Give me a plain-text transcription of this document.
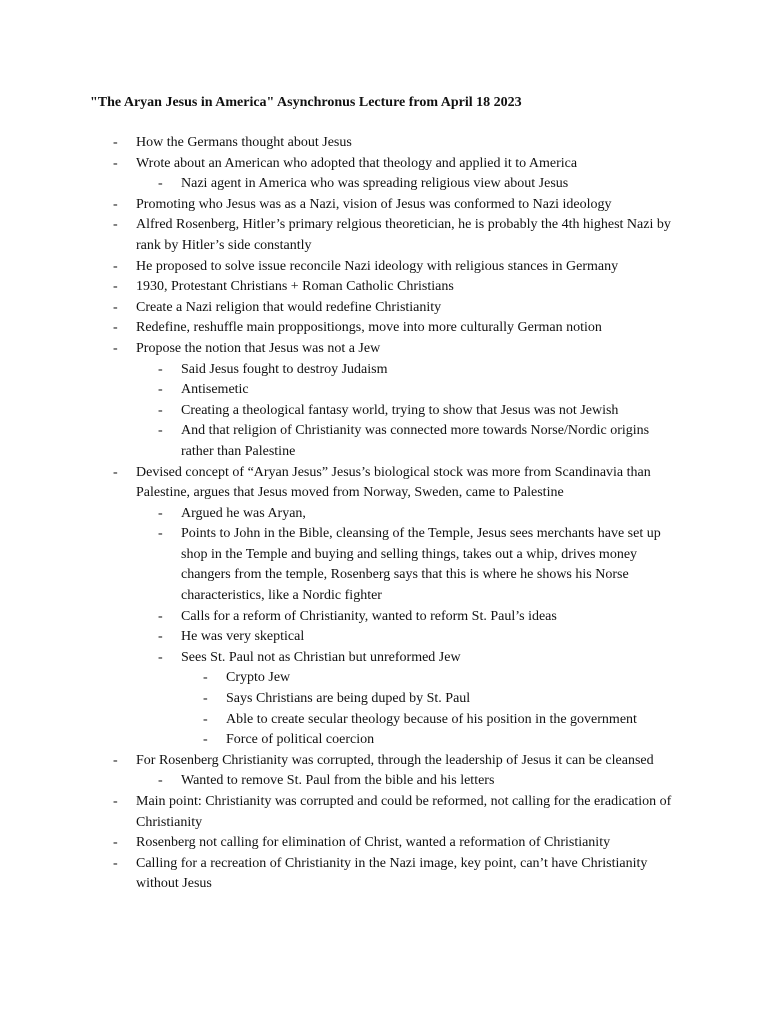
"The Aryan Jesus in America" Asynchronus Lecture from April 18 2023
- How the Germans thought about Jesus
- Wrote about an American who adopted that theology and applied it to America
- Nazi agent in America who was spreading religious view about Jesus
- Promoting who Jesus was as a Nazi, vision of Jesus was conformed to Nazi ideology
- Alfred Rosenberg, Hitler’s primary relgious theoretician, he is probably the 4th highest Nazi by rank by Hitler’s side constantly
- He proposed to solve issue reconcile Nazi ideology with religious stances in Germany
- 1930, Protestant Christians + Roman Catholic Christians
- Create a Nazi religion that would redefine Christianity
- Redefine, reshuffle main proppositiongs, move into more culturally German notion
- Propose the notion that Jesus was not a Jew
- Said Jesus fought to destroy Judaism
- Antisemetic
- Creating a theological fantasy world, trying to show that Jesus was not Jewish
- And that religion of Christianity was connected more towards Norse/Nordic origins rather than Palestine
- Devised concept of “Aryan Jesus” Jesus’s biological stock was more from Scandinavia than Palestine, argues that Jesus moved from Norway, Sweden, came to Palestine
- Argued he was Aryan,
- Points to John in the Bible, cleansing of the Temple, Jesus sees merchants have set up shop in the Temple and buying and selling things, takes out a whip, drives money changers from the temple, Rosenberg says that this is where he shows his Norse characteristics, like a Nordic fighter
- Calls for a reform of Christianity, wanted to reform St. Paul’s ideas
- He was very skeptical
- Sees St. Paul not as Christian but unreformed Jew
- Crypto Jew
- Says Christians are being duped by St. Paul
- Able to create secular theology because of his position in the government
- Force of political coercion
- For Rosenberg Christianity was corrupted, through the leadership of Jesus it can be cleansed
- Wanted to remove St. Paul from the bible and his letters
- Main point: Christianity was corrupted and could be reformed, not calling for the eradication of Christianity
- Rosenberg not calling for elimination of Christ, wanted a reformation of Christianity
- Calling for a recreation of Christianity in the Nazi image, key point, can’t have Christianity without Jesus
